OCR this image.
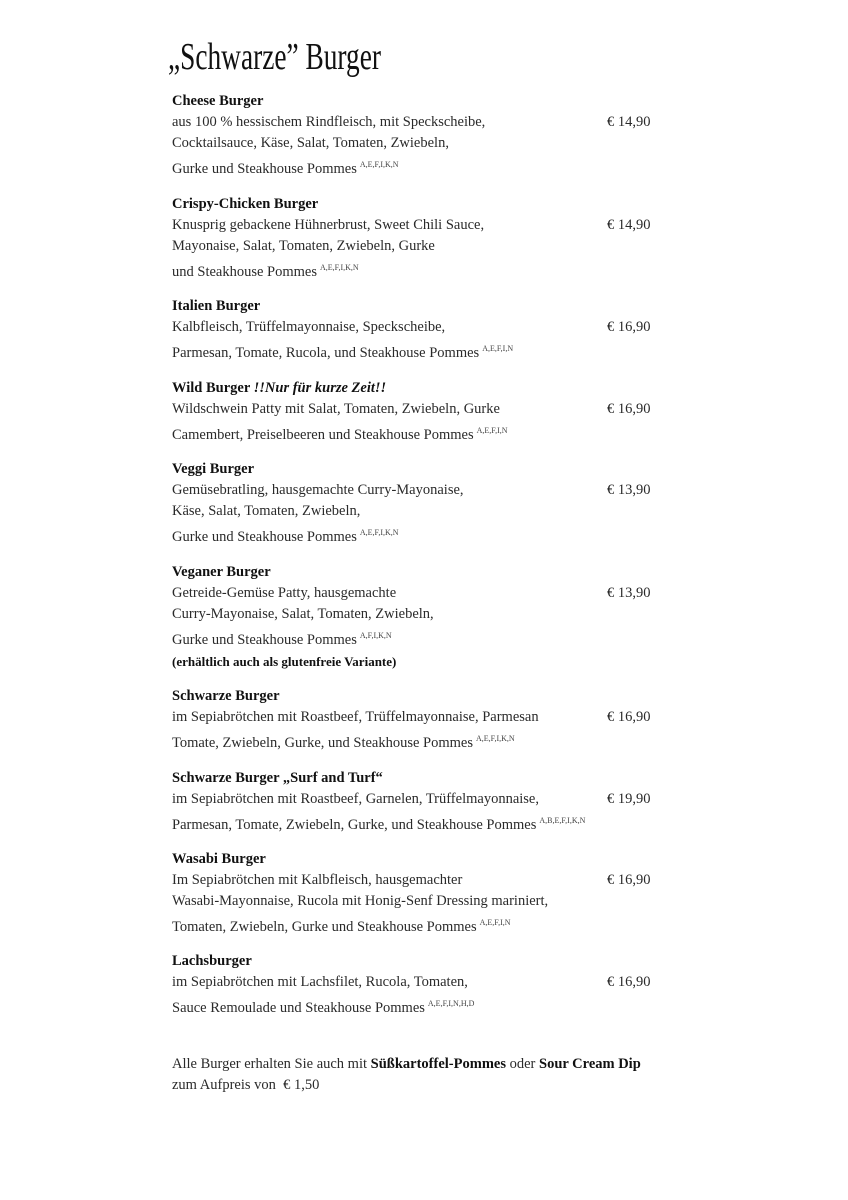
„Schwarze” Burger
Cheese Burger
aus 100 % hessischem Rindfleisch, mit Speckscheibe,
Cocktailsauce, Käse, Salat, Tomaten, Zwiebeln,
Gurke und Steakhouse Pommes $^{A,E,F,I,K,N}$
€ 14,90
Crispy-Chicken Burger
Knusprig gebackene Hühnerbrust, Sweet Chili Sauce,
Mayonaise, Salat, Tomaten, Zwiebeln, Gurke
und Steakhouse Pommes $^{A,E,F,I,K,N}$
€ 14,90
Italien Burger
Kalbfleisch, Trüffelmayonnaise, Speckscheibe,
Parmesan, Tomate, Rucola, und Steakhouse Pommes $^{A,E,F,I,N}$
€ 16,90
Wild Burger !!Nur für kurze Zeit!!
Wildschwein Patty mit Salat, Tomaten, Zwiebeln, Gurke
Camembert, Preiselbeeren und Steakhouse Pommes $^{A,E,F,I,N}$
€ 16,90
Veggi Burger
Gemüsebratling, hausgemachte Curry-Mayonaise,
Käse, Salat, Tomaten, Zwiebeln,
Gurke und Steakhouse Pommes $^{A,E,F,I,K,N}$
€ 13,90
Veganer Burger
Getreide-Gemüse Patty, hausgemachte
Curry-Mayonaise, Salat, Tomaten, Zwiebeln,
Gurke und Steakhouse Pommes $^{A,F,I,K,N}$
(erhältlich auch als glutenfreie Variante)
€ 13,90
Schwarze Burger
im Sepiabrötchen mit Roastbeef, Trüffelmayonnaise, Parmesan
Tomate, Zwiebeln, Gurke, und Steakhouse Pommes $^{A,E,F,I,K,N}$
€ 16,90
Schwarze Burger „Surf and Turf“
im Sepiabrötchen mit Roastbeef, Garnelen, Trüffelmayonnaise,
Parmesan, Tomate, Zwiebeln, Gurke, und Steakhouse Pommes $^{A,B,E,F,I,K,N}$
€ 19,90
Wasabi Burger
Im Sepiabrötchen mit Kalbfleisch, hausgemachter
Wasabi-Mayonnaise, Rucola mit Honig-Senf Dressing mariniert,
Tomaten, Zwiebeln, Gurke und Steakhouse Pommes $^{A,E,F,I,N}$
€ 16,90
Lachsburger
im Sepiabrötchen mit Lachsfilet, Rucola, Tomaten,
Sauce Remoulade und Steakhouse Pommes $^{A,E,F,I,N,H,D}$
€ 16,90
Alle Burger erhalten Sie auch mit Süßkartoffel-Pommes oder Sour Cream Dip
zum Aufpreis von  € 1,50
